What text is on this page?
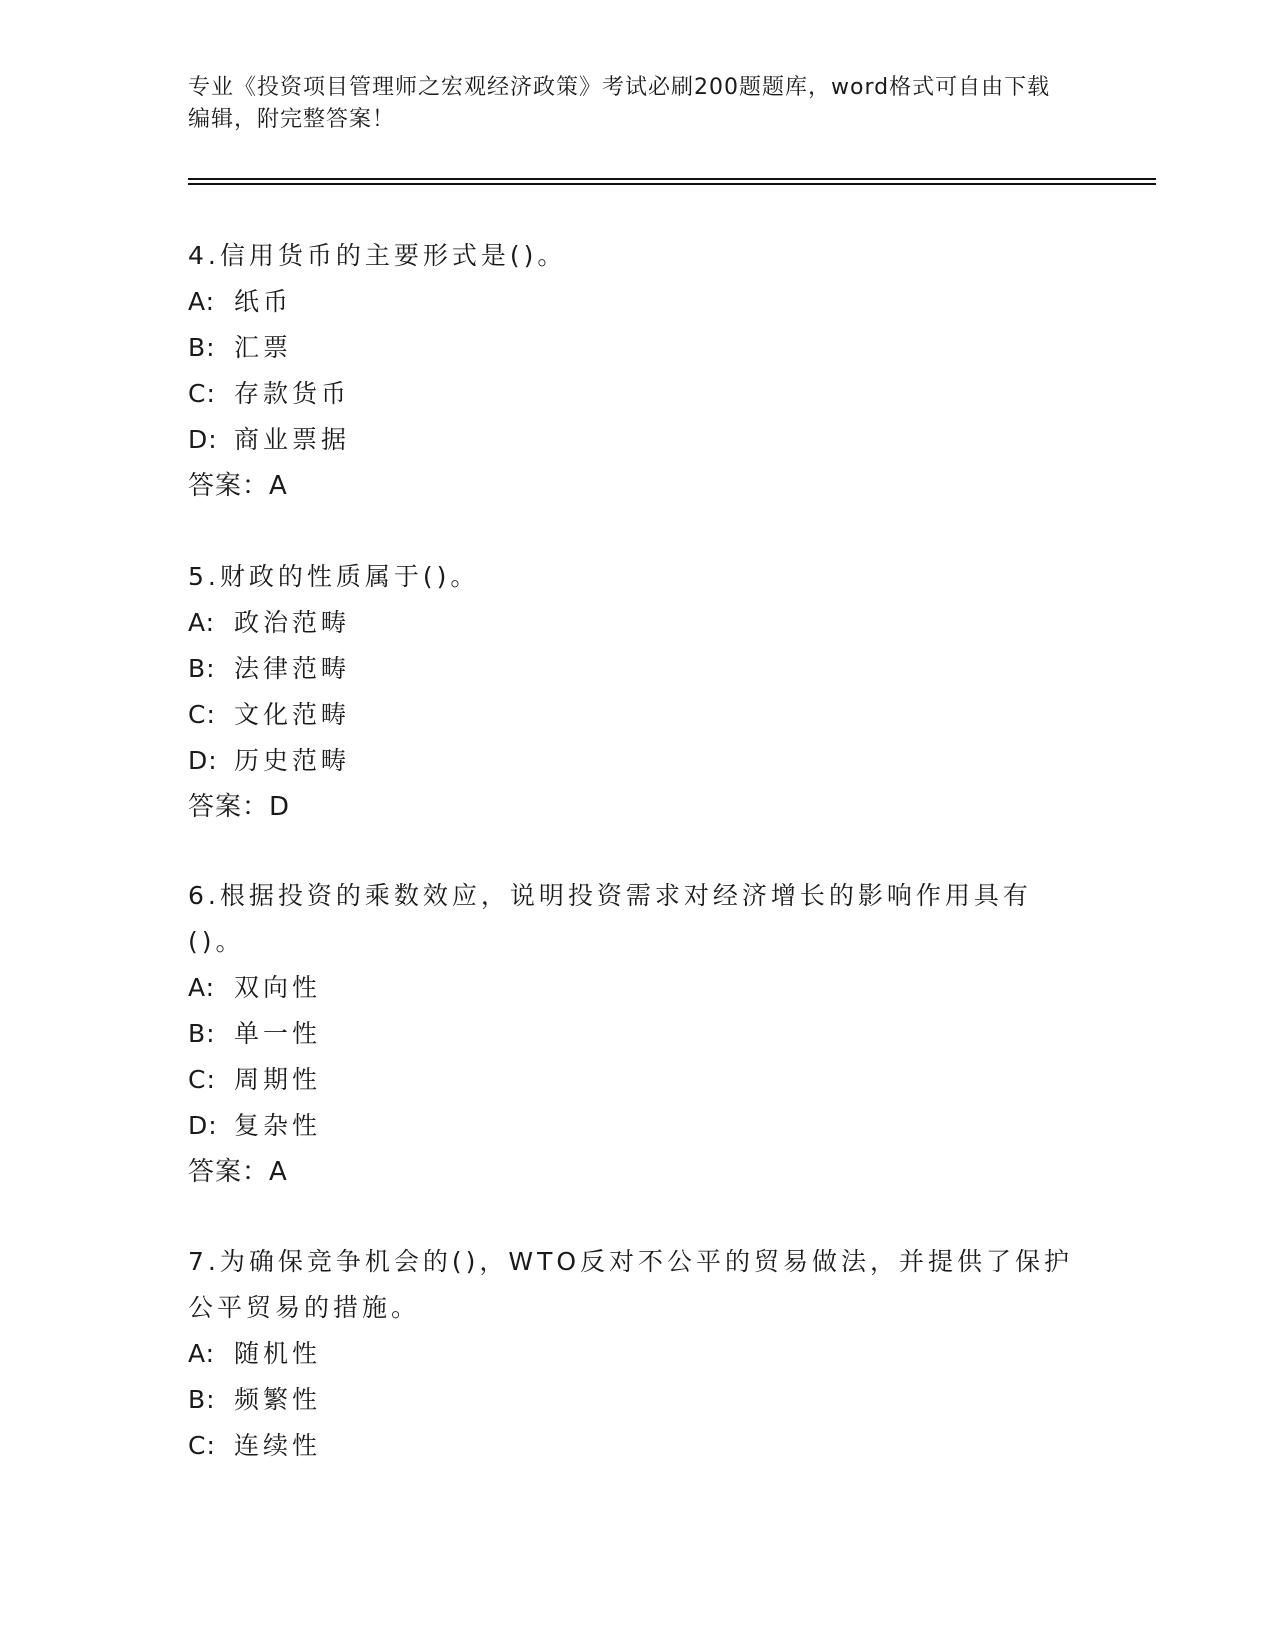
专业《投资项目管理师之宏观经济政策》考试必刷200题题库，word格式可自由下载编辑，附完整答案！
4.信用货币的主要形式是()。
A: 纸币
B: 汇票
C: 存款货币
D: 商业票据
答案：A
5.财政的性质属于()。
A: 政治范畴
B: 法律范畴
C: 文化范畴
D: 历史范畴
答案：D
6.根据投资的乘数效应，说明投资需求对经济增长的影响作用具有()。
A: 双向性
B: 单一性
C: 周期性
D: 复杂性
答案：A
7.为确保竞争机会的()，WTO反对不公平的贸易做法，并提供了保护公平贸易的措施。
A: 随机性
B: 频繁性
C: 连续性
